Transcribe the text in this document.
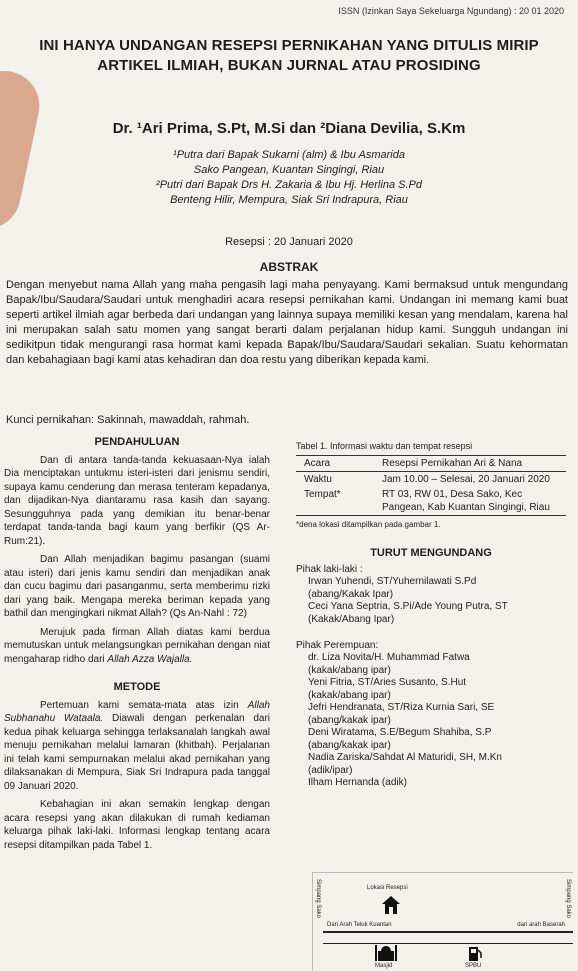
ISSN (Izinkan Saya Sekeluarga Ngundang) : 20 01 2020
INI HANYA UNDANGAN RESEPSI PERNIKAHAN YANG DITULIS MIRIP ARTIKEL ILMIAH, BUKAN JURNAL ATAU PROSIDING
Dr. ¹Ari Prima, S.Pt, M.Si dan ²Diana Devilia, S.Km
¹Putra dari Bapak Sukarni (alm) & Ibu Asmarida
Sako Pangean, Kuantan Singingi, Riau
²Putri dari Bapak Drs H. Zakaria & Ibu Hj. Herlina S.Pd
Benteng Hilir, Mempura, Siak Sri Indrapura, Riau
Resepsi : 20 Januari 2020
ABSTRAK
Dengan menyebut nama Allah yang maha pengasih lagi maha penyayang. Kami bermaksud untuk mengundang Bapak/Ibu/Saudara/Saudari untuk menghadiri acara resepsi pernikahan kami. Undangan ini memang kami buat seperti artikel ilmiah agar berbeda dari undangan yang lainnya supaya memiliki kesan yang mendalam, karena hal ini merupakan salah satu momen yang sangat berarti dalam perjalanan hidup kami. Sungguh undangan ini sedikitpun tidak mengurangi rasa hormat kami kepada Bapak/Ibu/Saudara/Saudari sekalian. Suatu kehormatan dan kebahagiaan bagi kami atas kehadiran dan doa restu yang diberikan kepada kami.
Kunci pernikahan: Sakinnah, mawaddah, rahmah.
PENDAHULUAN

Dan di antara tanda-tanda kekuasaan-Nya ialah Dia menciptakan untukmu isteri-isteri dari jenismu sendiri, supaya kamu cenderung dan merasa tenteram kepadanya, dan dijadikan-Nya diantaramu rasa kasih dan sayang. Sesungguhnya pada yang demikian itu benar-benar terdapat tanda-tanda bagi kaum yang berfikir (QS Ar-Rum:21).

Dan Allah menjadikan bagimu pasangan (suami atau isteri) dari jenis kamu sendiri dan menjadikan anak dan cucu bagimu dari pasanganmu, serta memberimu rizki dari yang baik. Mengapa mereka beriman kepada yang bathil dan mengingkari nikmat Allah? (Qs An-Nahl : 72)

Merujuk pada firman Allah diatas kami berdua memutuskan untuk melangsungkan pernikahan dengan niat mengaharap ridho dari Allah Azza Wajalla.

METODE

Pertemuan kami semata-mata atas izin Allah Subhanahu Wataala. Diawali dengan perkenalan dari kedua pihak keluarga sehingga terlaksanalah langkah awal menuju pernikahan melalui lamaran (khitbah). Perjalanan ini telah kami sempurnakan melalui akad pernikahan yang dilaksanakan di Mempura, Siak Sri Indrapura pada tanggal 09 Januari 2020.

Kebahagian ini akan semakin lengkap dengan acara resepsi yang akan dilakukan di rumah kediaman keluarga pihak laki-laki. Informasi lengkap tentang acara resepsi ditampilkan pada Tabel 1.

Tabel 1. Informasi waktu dan tempat resepsi
Acara	Resepsi Pernikahan Ari & Nana
Waktu	Jam 10.00 – Selesai, 20 Januari 2020
Tempat*	RT 03, RW 01, Desa Sako, Kec Pangean, Kab Kuantan Singingi, Riau
*dena lokasi ditampilkan pada gambar 1.
TURUT MENGUNDANG
Pihak laki-laki :
Irwan Yuhendi, ST/Yuhernilawati S.Pd
(abang/Kakak Ipar)
Ceci Yana Septria, S.Pi/Ade Young Putra, ST
(Kakak/Abang Ipar)
Pihak Perempuan:
dr. Liza Novita/H. Muhammad Fatwa
(kakak/abang ipar)
Yeni Fitria, ST/Aries Susanto, S.Hut
(kakak/abang ipar)
Jefri Hendranata, ST/Riza Kurnia Sari, SE
(abang/kakak ipar)
Deni Wiratama, S.E/Begum Shahiba, S.P
(abang/kakak ipar)
Nadia Zariska/Sahdat Al Maturidi, SH, M.Kn
(adik/ipar)
Ilham Hernanda (adik)
Simpang Sako	Simpang Sako
Lokasi Resepsi
Dari Arah Teluk Kuantan	dari arah Baserah
Masjid	SPBU
